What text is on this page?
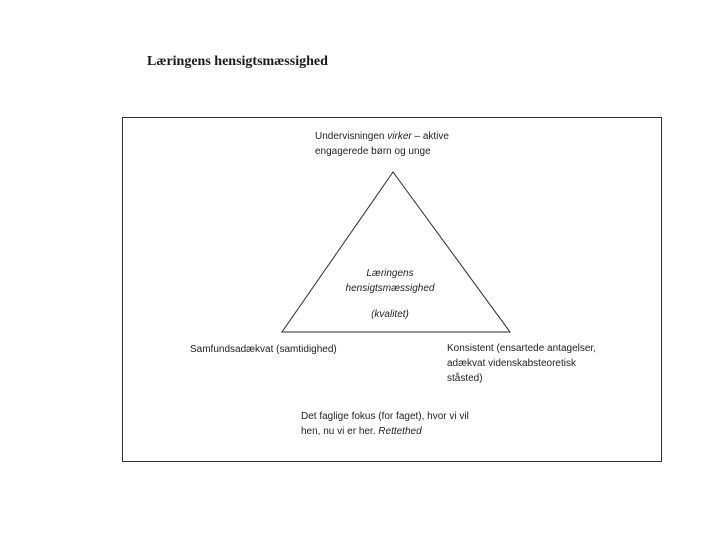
Læringens hensigtsmæssighed
Undervisningen virker – aktive
engagerede børn og unge
Læringens
hensigtsmæssighed
(kvalitet)
Samfundsadækvat (samtidighed)	Konsistent (ensartede antagelser,
adækvat videnskabsteoretisk
ståsted)
Det faglige fokus (for faget), hvor vi vil
hen, nu vi er her. Rettethed
